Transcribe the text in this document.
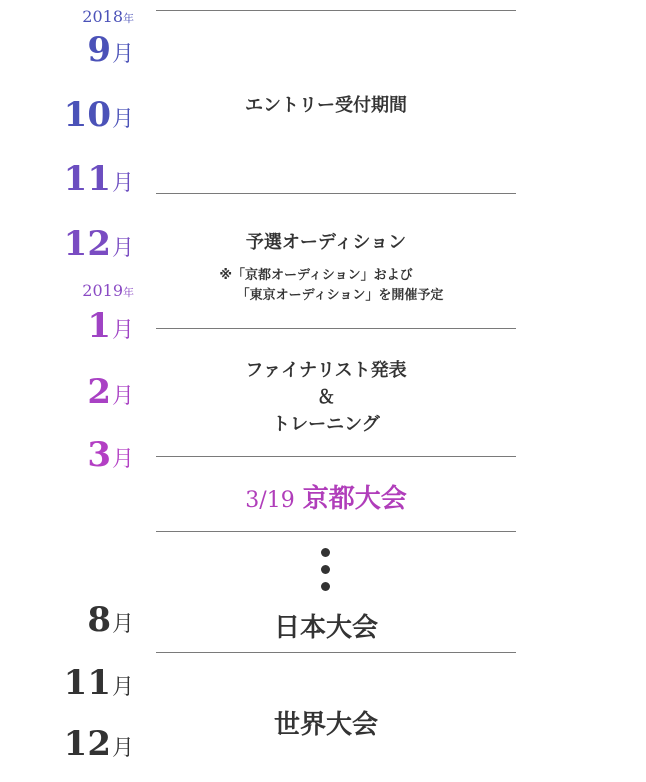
2018年
9月
10月
11月
12月
2019年
1月
2月
3月
8月
11月
12月
エントリー受付期間
予選オーディション
※「京都オーディション」および
「東京オーディション」を開催予定
ファイナリスト発表
＆
トレーニング
3/19 京都大会
日本大会
世界大会
